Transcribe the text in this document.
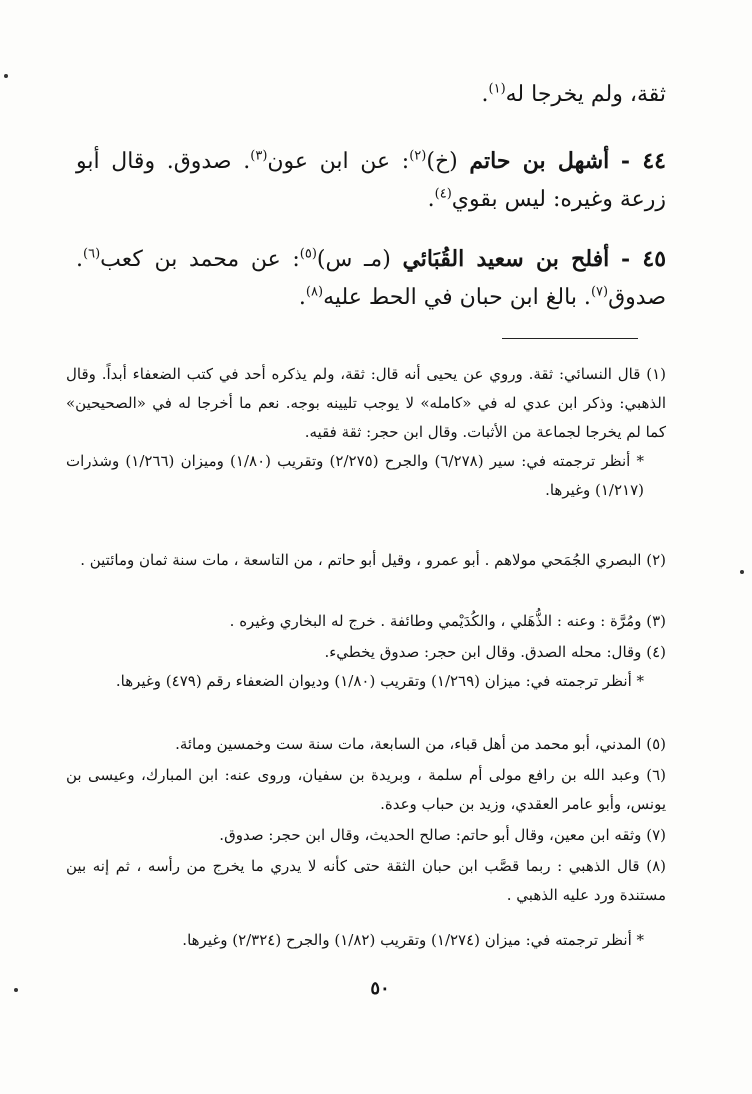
ثقة، ولم يخرجا له$^{(١)}$.

٤٤ - أشهل بن حاتم (خ)$^{(٢)}$: عن ابن عون$^{(٣)}$. صدوق. وقال أبو زرعة وغيره: ليس بقوي$^{(٤)}$.

٤٥ - أفلح بن سعيد القُبَائي (مـ س)$^{(٥)}$: عن محمد بن كعب$^{(٦)}$. صدوق$^{(٧)}$. بالغ ابن حبان في الحط عليه$^{(٨)}$.

(١) قال النسائي: ثقة. وروي عن يحيى أنه قال: ثقة، ولم يذكره أحد في كتب الضعفاء أبداً. وقال الذهبي: وذكر ابن عدي له في «كامله» لا يوجب تليينه بوجه. نعم ما أخرجا له في «الصحيحين» كما لم يخرجا لجماعة من الأثبات. وقال ابن حجر: ثقة فقيه.

* أنظر ترجمته في: سير (٦/٢٧٨) والجرح (٢/٢٧٥) وتقريب (١/٨٠) وميزان (١/٢٦٦) وشذرات (١/٢١٧) وغيرها.

(٢) البصري الجُمَحي مولاهم . أبو عمرو ، وقيل أبو حاتم ، من التاسعة ، مات سنة ثمان ومائتين .

(٣) ومُرَّة : وعنه : الذُّهَلي ، والكُدَيْمي وطائفة . خرج له البخاري وغيره .

(٤) وقال: محله الصدق. وقال ابن حجر: صدوق يخطيء.

* أنظر ترجمته في: ميزان (١/٢٦٩) وتقريب (١/٨٠) وديوان الضعفاء رقم (٤٧٩) وغيرها.

(٥) المدني، أبو محمد من أهل قباء، من السابعة، مات سنة ست وخمسين ومائة.

(٦) وعبد الله بن رافع مولى أم سلمة ، وبريدة بن سفيان، وروى عنه: ابن المبارك، وعيسى بن يونس، وأبو عامر العقدي، وزيد بن حباب وعدة.

(٧) وثقه ابن معين، وقال أبو حاتم: صالح الحديث، وقال ابن حجر: صدوق.

(٨) قال الذهبي : ربما قصَّب ابن حبان الثقة حتى كأنه لا يدري ما يخرج من رأسه ، ثم إنه بين مستندة ورد عليه الذهبي .

* أنظر ترجمته في: ميزان (١/٢٧٤) وتقريب (١/٨٢) والجرح (٢/٣٢٤) وغيرها.

٥٠
